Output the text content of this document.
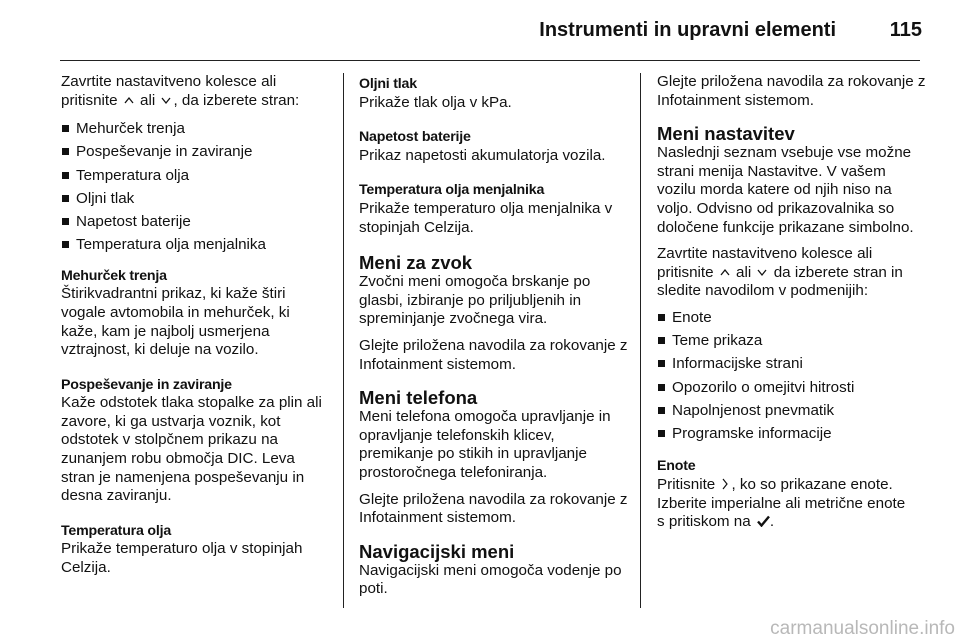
Instrumenti in upravni elementi	115

Zavrtite nastavitveno kolesce ali
pritisnite ali , da izberete stran:

Mehurček trenja
Pospeševanje in zaviranje
Temperatura olja
Oljni tlak
Napetost baterije
Temperatura olja menjalnika
Mehurček trenja
Štirikvadrantni prikaz, ki kaže štiri vogale avtomobila in mehurček, ki kaže, kam je najbolj usmerjena vztrajnost, ki deluje na vozilo.
Pospeševanje in zaviranje
Kaže odstotek tlaka stopalke za plin ali zavore, ki ga ustvarja voznik, kot odstotek v stolpčnem prikazu na zunanjem robu območja DIC. Leva stran je namenjena pospeševanju in desna zaviranju.
Temperatura olja
Prikaže temperaturo olja v stopinjah Celzija.
Oljni tlak
Prikaže tlak olja v kPa.
Napetost baterije
Prikaz napetosti akumulatorja vozila.
Temperatura olja menjalnika
Prikaže temperaturo olja menjalnika v stopinjah Celzija.
Meni za zvok

Zvočni meni omogoča brskanje po glasbi, izbiranje po priljubljenih in spreminjanje zvočnega vira.

Glejte priložena navodila za rokovanje z Infotainment sistemom.

Meni telefona

Meni telefona omogoča upravljanje in opravljanje telefonskih klicev, premikanje po stikih in upravljanje prostoročnega telefoniranja.

Glejte priložena navodila za rokovanje z Infotainment sistemom.

Navigacijski meni

Navigacijski meni omogoča vodenje po poti.

Glejte priložena navodila za rokovanje z Infotainment sistemom.

Meni nastavitev

Naslednji seznam vsebuje vse možne strani menija Nastavitve. V vašem vozilu morda katere od njih niso na voljo. Odvisno od prikazovalnika so določene funkcije prikazane simbolno.

Zavrtite nastavitveno kolesce ali
pritisnite ali da izberete stran in
sledite navodilom v podmenijih:

Enote
Teme prikaza
Informacijske strani
Opozorilo o omejitvi hitrosti
Napolnjenost pnevmatik
Programske informacije
Enote
Pritisnite , ko so prikazane enote.
Izberite imperialne ali metrične enote
s pritiskom na .
carmanualsonline.info
